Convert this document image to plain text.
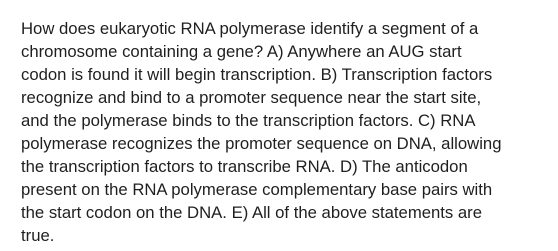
How does eukaryotic RNA polymerase identify a segment of a
chromosome containing a gene? A) Anywhere an AUG start
codon is found it will begin transcription. B) Transcription factors
recognize and bind to a promoter sequence near the start site,
and the polymerase binds to the transcription factors. C) RNA
polymerase recognizes the promoter sequence on DNA, allowing
the transcription factors to transcribe RNA. D) The anticodon
present on the RNA polymerase complementary base pairs with
the start codon on the DNA. E) All of the above statements are
true.
